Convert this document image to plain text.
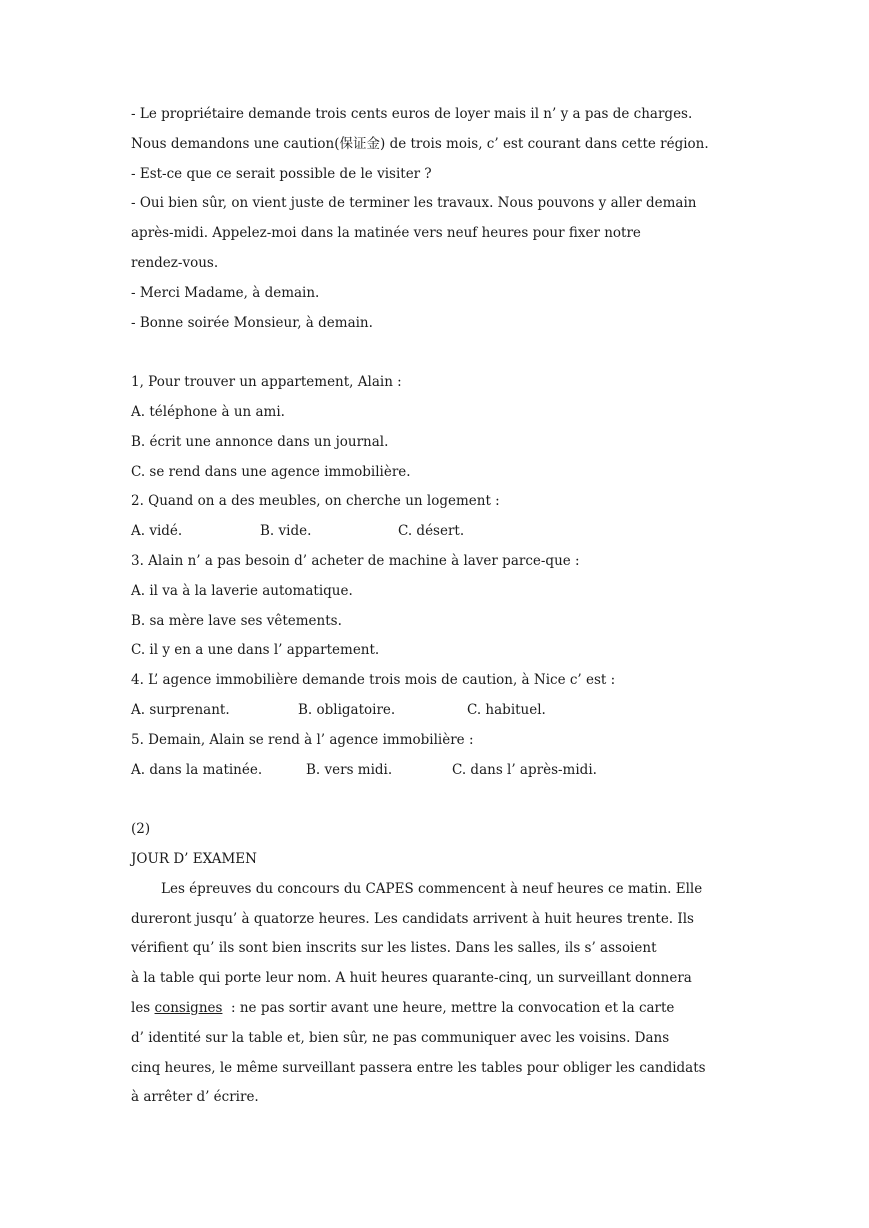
- Le propriétaire demande trois cents euros de loyer mais il n’ y a pas de charges.
Nous demandons une caution(保证金) de trois mois, c’ est courant dans cette région.
- Est-ce que ce serait possible de le visiter ?
- Oui bien sûr, on vient juste de terminer les travaux. Nous pouvons y aller demain
après-midi. Appelez-moi dans la matinée vers neuf heures pour fixer notre
rendez-vous.
- Merci Madame, à demain.
- Bonne soirée Monsieur, à demain.
1, Pour trouver un appartement, Alain :
A. téléphone à un ami.
B. écrit une annonce dans un journal.
C. se rend dans une agence immobilière.
2. Quand on a des meubles, on cherche un logement :
A. vidé.	B. vide.	C. désert.
3. Alain n’ a pas besoin d’ acheter de machine à laver parce-que :
A. il va à la laverie automatique.
B. sa mère lave ses vêtements.
C. il y en a une dans l’ appartement.
4. L’ agence immobilière demande trois mois de caution, à Nice c’ est :
A. surprenant.	B. obligatoire.	C. habituel.
5. Demain, Alain se rend à l’ agence immobilière :
A. dans la matinée.	B. vers midi.	C. dans l’ après-midi.
(2)
JOUR D’ EXAMEN
Les épreuves du concours du CAPES commencent à neuf heures ce matin. Elle
dureront jusqu’ à quatorze heures. Les candidats arrivent à huit heures trente. Ils
vérifient qu’ ils sont bien inscrits sur les listes. Dans les salles, ils s’ assoient
à la table qui porte leur nom. A huit heures quarante-cinq, un surveillant donnera
les consignes  : ne pas sortir avant une heure, mettre la convocation et la carte
d’ identité sur la table et, bien sûr, ne pas communiquer avec les voisins. Dans
cinq heures, le même surveillant passera entre les tables pour obliger les candidats
à arrêter d’ écrire.
